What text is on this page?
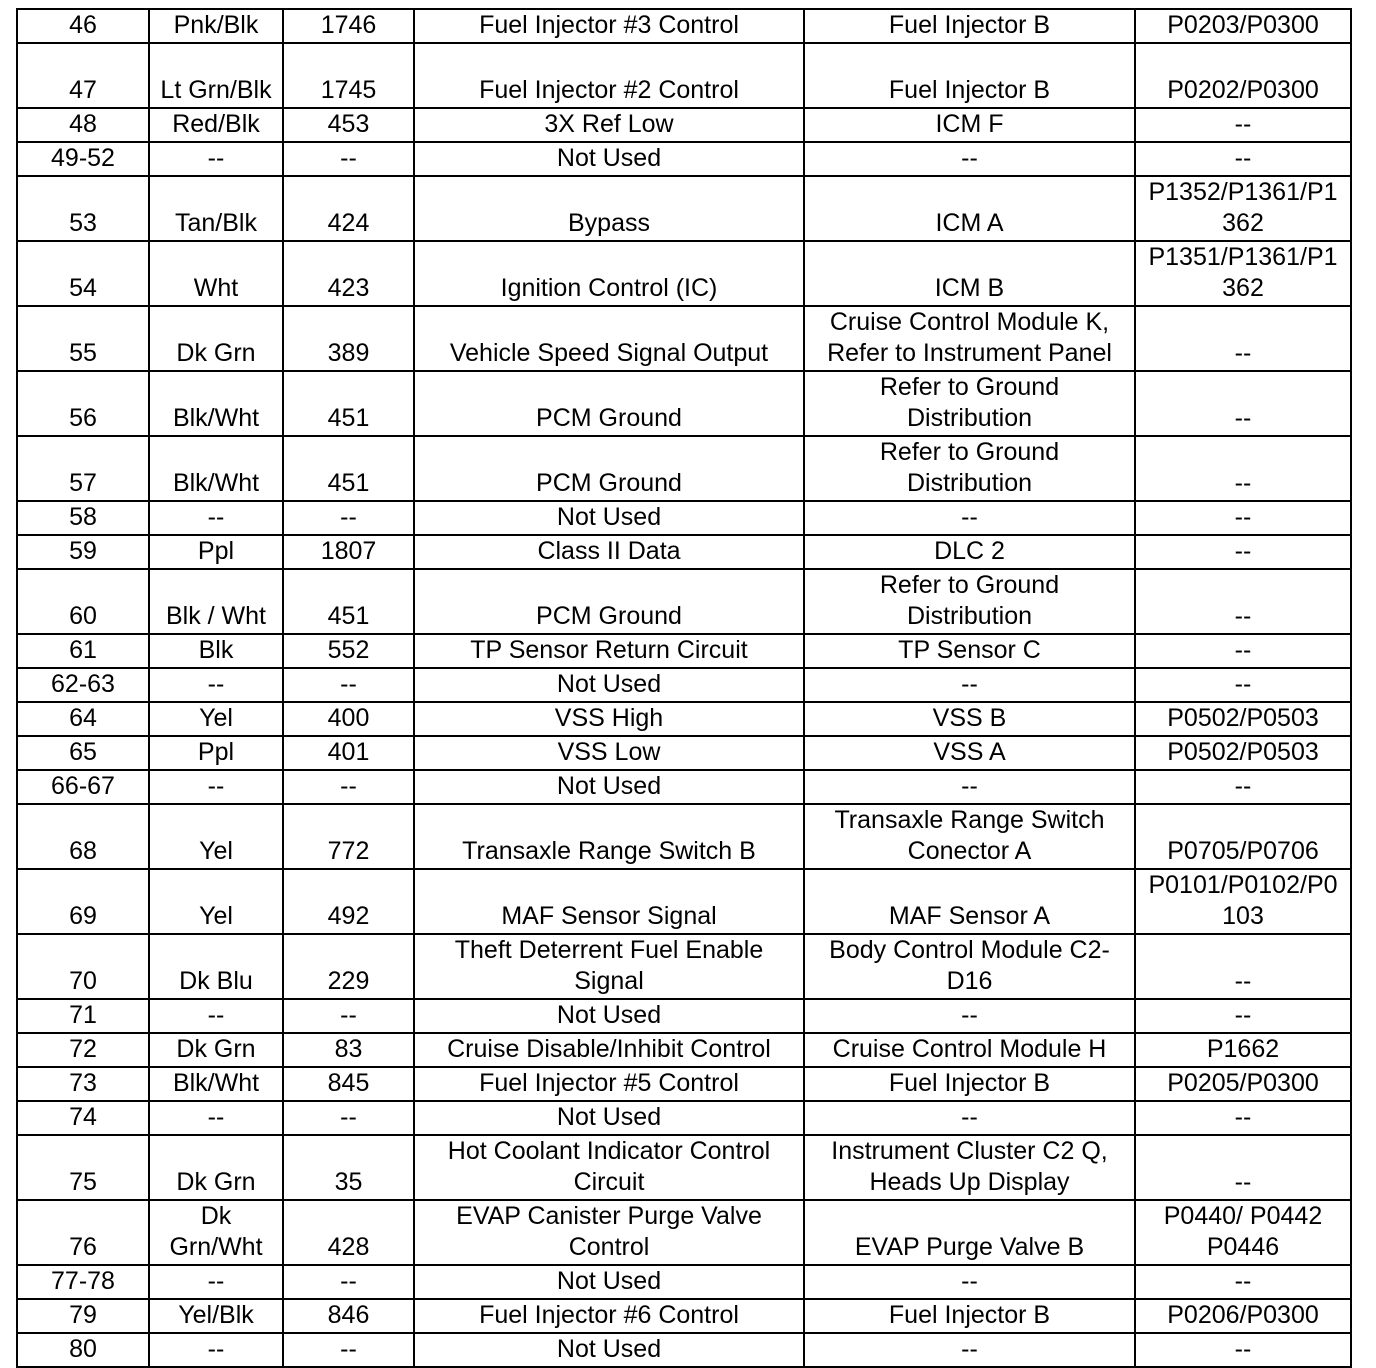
46	Pnk/Blk	1746	Fuel Injector #3 Control	Fuel Injector B	P0203/P0300
47	Lt Grn/Blk	1745	Fuel Injector #2 Control	Fuel Injector B	P0202/P0300
48	Red/Blk	453	3X Ref Low	ICM F	--
49-52	--	--	Not Used	--	--
53	Tan/Blk	424	Bypass	ICM A	P1352/P1361/P1
362
54	Wht	423	Ignition Control (IC)	ICM B	P1351/P1361/P1
362
55	Dk Grn	389	Vehicle Speed Signal Output	Cruise Control Module K,
Refer to Instrument Panel	--
56	Blk/Wht	451	PCM Ground	Refer to Ground
Distribution	--
57	Blk/Wht	451	PCM Ground	Refer to Ground
Distribution	--
58	--	--	Not Used	--	--
59	Ppl	1807	Class II Data	DLC 2	--
60	Blk / Wht	451	PCM Ground	Refer to Ground
Distribution	--
61	Blk	552	TP Sensor Return Circuit	TP Sensor C	--
62-63	--	--	Not Used	--	--
64	Yel	400	VSS High	VSS B	P0502/P0503
65	Ppl	401	VSS Low	VSS A	P0502/P0503
66-67	--	--	Not Used	--	--
68	Yel	772	Transaxle Range Switch B	Transaxle Range Switch
Conector A	P0705/P0706
69	Yel	492	MAF Sensor Signal	MAF Sensor A	P0101/P0102/P0
103
70	Dk Blu	229	Theft Deterrent Fuel Enable
Signal	Body Control Module C2-
D16	--
71	--	--	Not Used	--	--
72	Dk Grn	83	Cruise Disable/Inhibit Control	Cruise Control Module H	P1662
73	Blk/Wht	845	Fuel Injector #5 Control	Fuel Injector B	P0205/P0300
74	--	--	Not Used	--	--
75	Dk Grn	35	Hot Coolant Indicator Control
Circuit	Instrument Cluster C2 Q,
Heads Up Display	--
76	Dk
Grn/Wht	428	EVAP Canister Purge Valve
Control	EVAP Purge Valve B	P0440/ P0442
P0446
77-78	--	--	Not Used	--	--
79	Yel/Blk	846	Fuel Injector #6 Control	Fuel Injector B	P0206/P0300
80	--	--	Not Used	--	--
